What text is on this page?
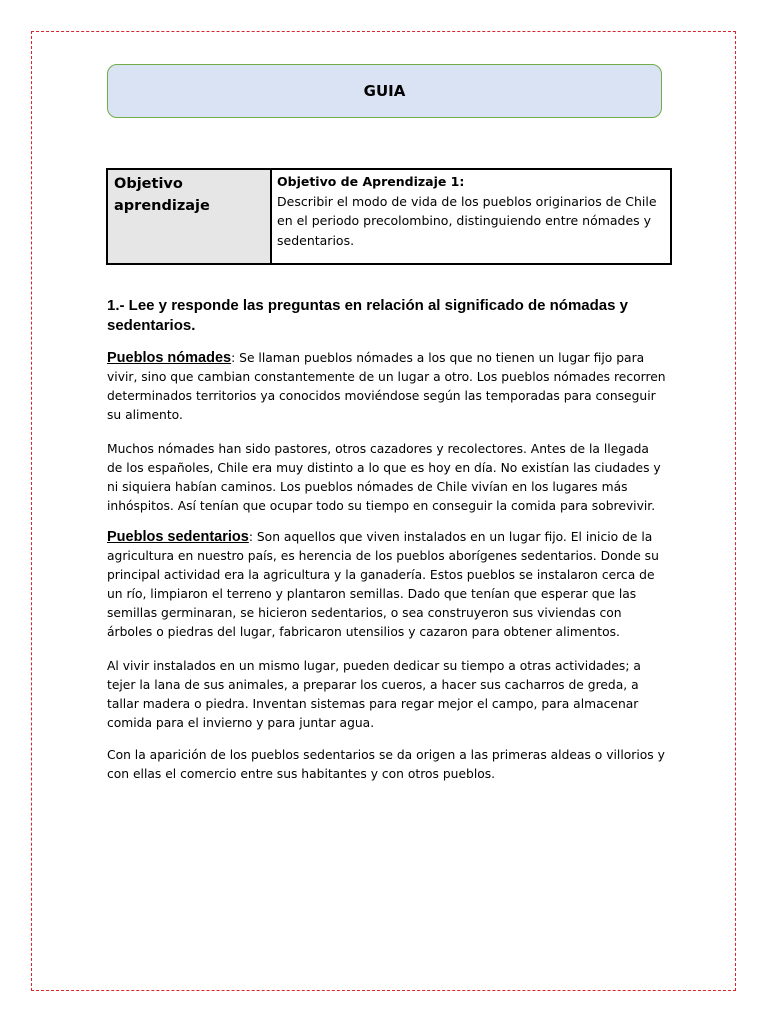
GUIA
Objetivo aprendizaje
Objetivo de Aprendizaje 1:
Describir el modo de vida de los pueblos originarios de Chile en el periodo precolombino, distinguiendo entre nómades y sedentarios.
1.- Lee y responde las preguntas en relación al significado de nómadas y sedentarios.
Pueblos nómades: Se llaman pueblos nómades a los que no tienen un lugar fijo para vivir, sino que cambian constantemente de un lugar a otro. Los pueblos nómades recorren determinados territorios ya conocidos moviéndose según las temporadas para conseguir su alimento.
Muchos nómades han sido pastores, otros cazadores y recolectores. Antes de la llegada de los españoles, Chile era muy distinto a lo que es hoy en día. No existían las ciudades y ni siquiera habían caminos. Los pueblos nómades de Chile vivían en los lugares más inhóspitos. Así tenían que ocupar todo su tiempo en conseguir la comida para sobrevivir.
Pueblos sedentarios: Son aquellos que viven instalados en un lugar fijo. El inicio de la agricultura en nuestro país, es herencia de los pueblos aborígenes sedentarios. Donde su principal actividad era la agricultura y la ganadería. Estos pueblos se instalaron cerca de un río, limpiaron el terreno y plantaron semillas. Dado que tenían que esperar que las semillas germinaran, se hicieron sedentarios, o sea construyeron sus viviendas con árboles o piedras del lugar, fabricaron utensilios y cazaron para obtener alimentos.
Al vivir instalados en un mismo lugar, pueden dedicar su tiempo a otras actividades; a tejer la lana de sus animales, a preparar los cueros, a hacer sus cacharros de greda, a tallar madera o piedra. Inventan sistemas para regar mejor el campo, para almacenar comida para el invierno y para juntar agua.
Con la aparición de los pueblos sedentarios se da origen a las primeras aldeas o villorios y con ellas el comercio entre sus habitantes y con otros pueblos.
